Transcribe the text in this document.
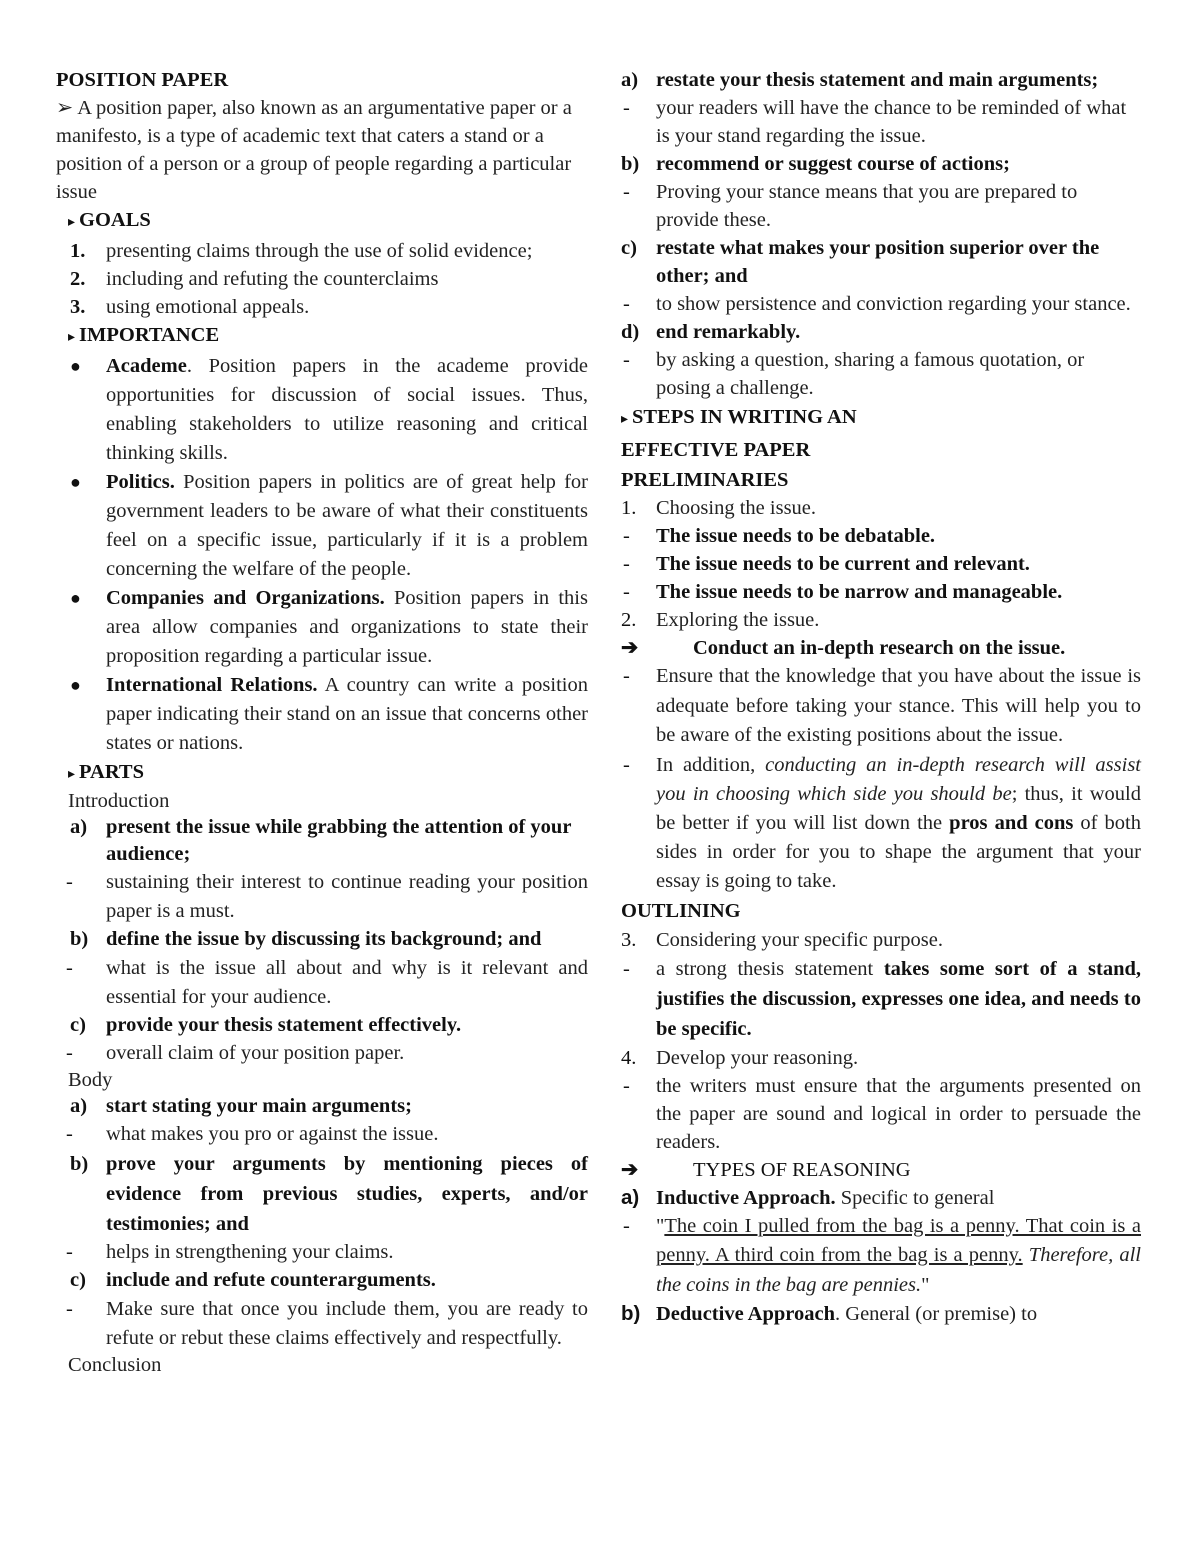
POSITION PAPER
➢ A position paper, also known as an argumentative paper or a manifesto, is a type of academic text that caters a stand or a position of a person or a group of people regarding a particular issue
▸ GOALS
1. presenting claims through the use of solid evidence;
2. including and refuting the counterclaims
3. using emotional appeals.
▸ IMPORTANCE
● Academe. Position papers in the academe provide opportunities for discussion of social issues. Thus, enabling stakeholders to utilize reasoning and critical thinking skills.
● Politics. Position papers in politics are of great help for government leaders to be aware of what their constituents feel on a specific issue, particularly if it is a problem concerning the welfare of the people.
● Companies and Organizations. Position papers in this area allow companies and organizations to state their proposition regarding a particular issue.
● International Relations. A country can write a position paper indicating their stand on an issue that concerns other states or nations.
▸ PARTS
Introduction
a) present the issue while grabbing the attention of your audience;
- sustaining their interest to continue reading your position paper is a must.
b) define the issue by discussing its background; and
- what is the issue all about and why is it relevant and essential for your audience.
c) provide your thesis statement effectively.
- overall claim of your position paper.
Body
a) start stating your main arguments;
- what makes you pro or against the issue.
b) prove your arguments by mentioning pieces of evidence from previous studies, experts, and/or testimonies; and
- helps in strengthening your claims.
c) include and refute counterarguments.
- Make sure that once you include them, you are ready to refute or rebut these claims effectively and respectfully.
Conclusion
a) restate your thesis statement and main arguments;
- your readers will have the chance to be reminded of what is your stand regarding the issue.
b) recommend or suggest course of actions;
- Proving your stance means that you are prepared to provide these.
c) restate what makes your position superior over the other; and
- to show persistence and conviction regarding your stance.
d) end remarkably.
- by asking a question, sharing a famous quotation, or posing a challenge.
▸ STEPS IN WRITING AN
EFFECTIVE PAPER
PRELIMINARIES
1. Choosing the issue.
- The issue needs to be debatable.
- The issue needs to be current and relevant.
- The issue needs to be narrow and manageable.
2. Exploring the issue.
➔	Conduct an in-depth research on the issue.
- Ensure that the knowledge that you have about the issue is adequate before taking your stance. This will help you to be aware of the existing positions about the issue.
- In addition, conducting an in-depth research will assist you in choosing which side you should be; thus, it would be better if you will list down the pros and cons of both sides in order for you to shape the argument that your essay is going to take.
OUTLINING
3. Considering your specific purpose.
- a strong thesis statement takes some sort of a stand, justifies the discussion, expresses one idea, and needs to be specific.
4. Develop your reasoning.
- the writers must ensure that the arguments presented on the paper are sound and logical in order to persuade the readers.
➔	TYPES OF REASONING
a) Inductive Approach. Specific to general
- "The coin I pulled from the bag is a penny. That coin is a penny. A third coin from the bag is a penny. Therefore, all the coins in the bag are pennies."
b) Deductive Approach. General (or premise) to
